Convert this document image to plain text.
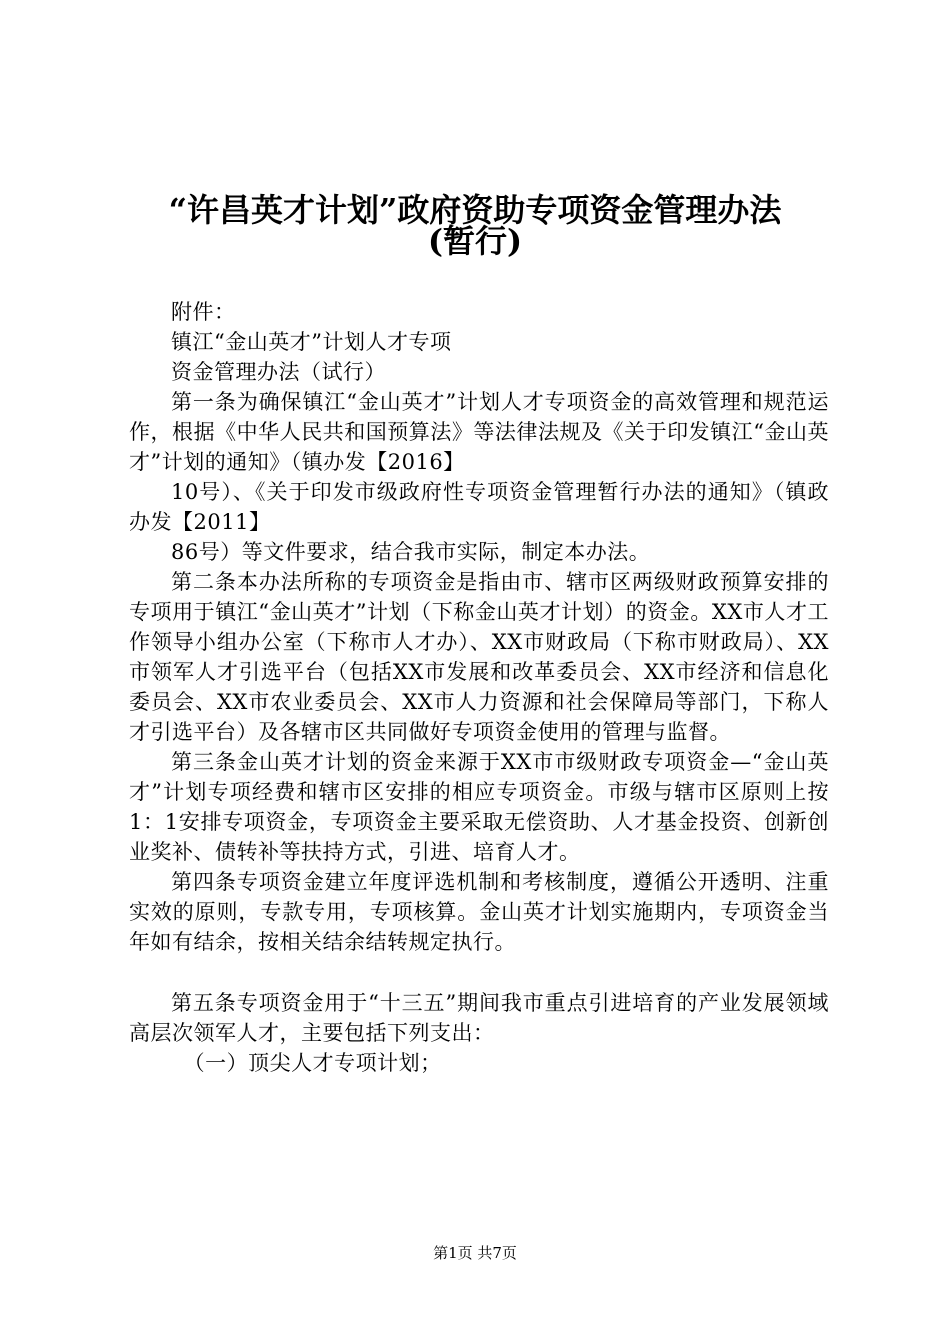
“许昌英才计划”政府资助专项资金管理办法
(暂行)

附件：

镇江“金山英才”计划人才专项

资金管理办法（试行）

第一条为确保镇江“金山英才”计划人才专项资金的高效管理和规范运作，根据《中华人民共和国预算法》等法律法规及《关于印发镇江“金山英才”计划的通知》（镇办发【2016】

10号）、《关于印发市级政府性专项资金管理暂行办法的通知》（镇政办发【2011】

86号）等文件要求，结合我市实际，制定本办法。

第二条本办法所称的专项资金是指由市、辖市区两级财政预算安排的专项用于镇江“金山英才”计划（下称金山英才计划）的资金。XX市人才工作领导小组办公室（下称市人才办）、XX市财政局（下称市财政局）、XX市领军人才引选平台（包括XX市发展和改革委员会、XX市经济和信息化委员会、XX市农业委员会、XX市人力资源和社会保障局等部门，下称人才引选平台）及各辖市区共同做好专项资金使用的管理与监督。

第三条金山英才计划的资金来源于XX市市级财政专项资金—“金山英才”计划专项经费和辖市区安排的相应专项资金。市级与辖市区原则上按1：1安排专项资金，专项资金主要采取无偿资助、人才基金投资、创新创业奖补、债转补等扶持方式，引进、培育人才。

第四条专项资金建立年度评选机制和考核制度，遵循公开透明、注重实效的原则，专款专用，专项核算。金山英才计划实施期内，专项资金当年如有结余，按相关结余结转规定执行。

第五条专项资金用于“十三五”期间我市重点引进培育的产业发展领域高层次领军人才，主要包括下列支出：

（一）顶尖人才专项计划；

第1页 共7页
